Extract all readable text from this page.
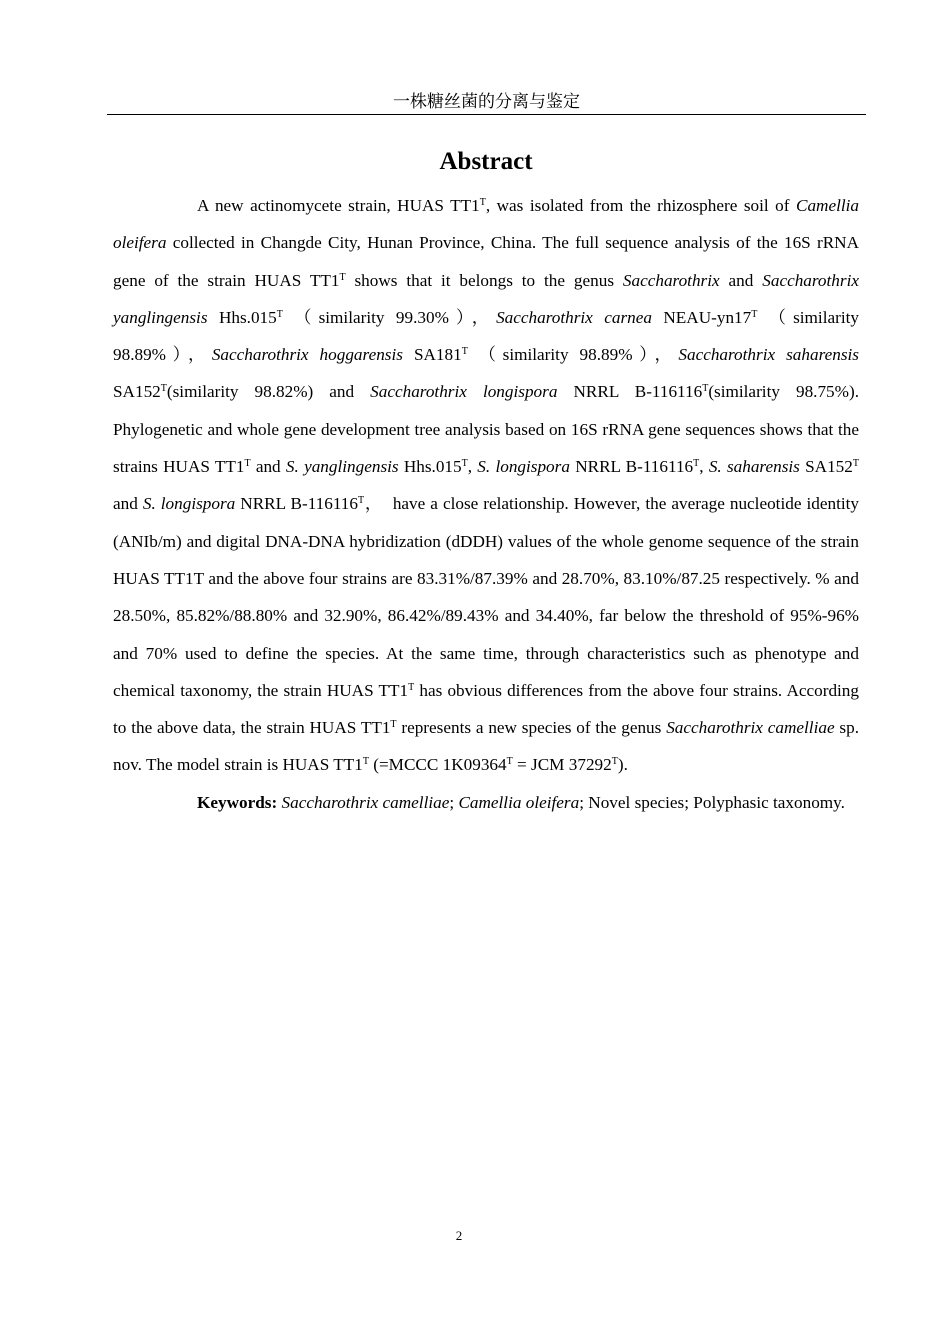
一株糖丝菌的分离与鉴定
Abstract

A new actinomycete strain, HUAS $TT1^T$, was isolated from the rhizosphere soil of Camellia oleifera collected in Changde City, Hunan Province, China. The full sequence analysis of the 16S rRNA gene of the strain HUAS $TT1^T$ shows that it belongs to the genus Saccharothrix and Saccharothrix yanglingensis $Hhs.015^T$ （similarity 99.30%），Saccharothrix carnea NEAU-$yn17^T$ （similarity 98.89%），Saccharothrix hoggarensis $SA181^T$ （similarity 98.89%），Saccharothrix saharensis $SA152^T(similarity$ 98.82%) and Saccharothrix longispora NRRL $B-116116^T(similarity$ 98.75%). Phylogenetic and whole gene development tree analysis based on 16S rRNA gene sequences shows that the strains HUAS $TT1^T$ and S. yanglingensis $Hhs.015^T$, S. longispora NRRL $B-116116^T$, S. saharensis $SA152^T$ and S. longispora NRRL $B-116116^T$，  have a close relationship. However, the average nucleotide identity (ANIb/m) and digital DNA-DNA hybridization (dDDH) values of the whole genome sequence of the strain HUAS TT1T and the above four strains are 83.31%/87.39% and 28.70%, 83.10%/87.25 respectively. % and 28.50%, 85.82%/88.80% and 32.90%, 86.42%/89.43% and 34.40%, far below the threshold of 95%-96% and 70% used to define the species. At the same time, through characteristics such as phenotype and chemical taxonomy, the strain HUAS $TT1^T$ has obvious differences from the above four strains. According to the above data, the strain HUAS $TT1^T$ represents a new species of the genus Saccharothrix camelliae sp. nov. The model strain is HUAS $TT1^T$ (=MCCC $1K09364^T$ = JCM $37292^T$).

Keywords: Saccharothrix camelliae; Camellia oleifera; Novel species; Polyphasic taxonomy.

2
